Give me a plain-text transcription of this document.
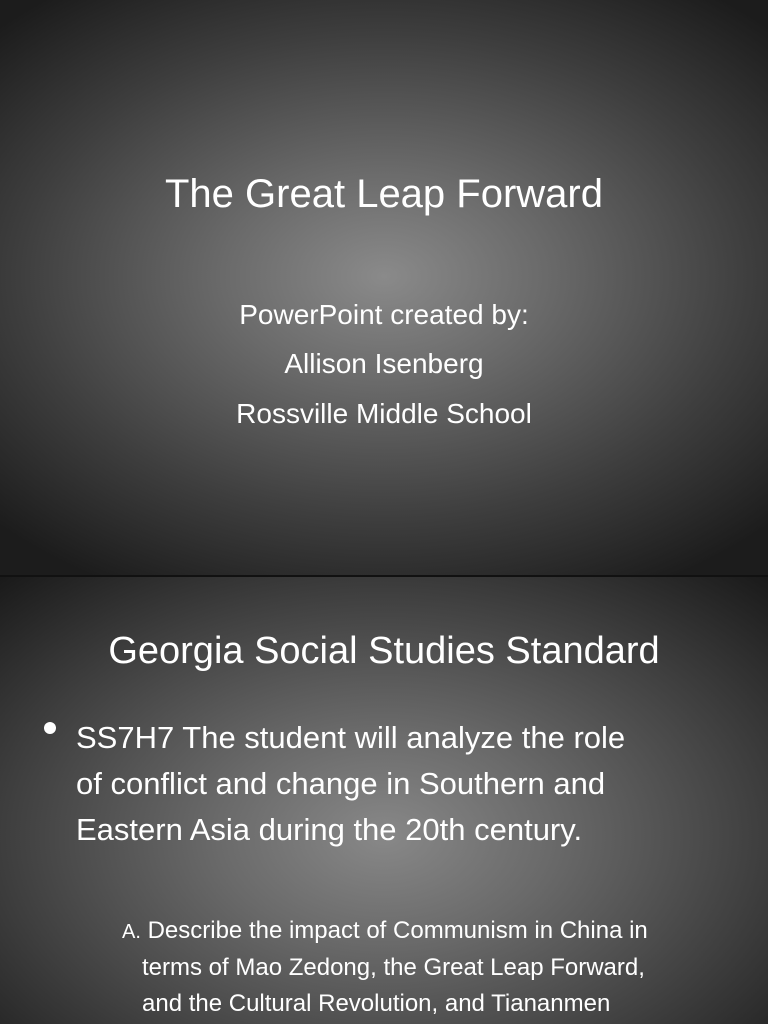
The Great Leap Forward
PowerPoint created by:
Allison Isenberg
Rossville Middle School
Georgia Social Studies Standard
SS7H7 The student will analyze the role
of conflict and change in Southern and
Eastern Asia during the 20th century.
A. Describe the impact of Communism in China in
terms of Mao Zedong, the Great Leap Forward,
and the Cultural Revolution, and Tiananmen
